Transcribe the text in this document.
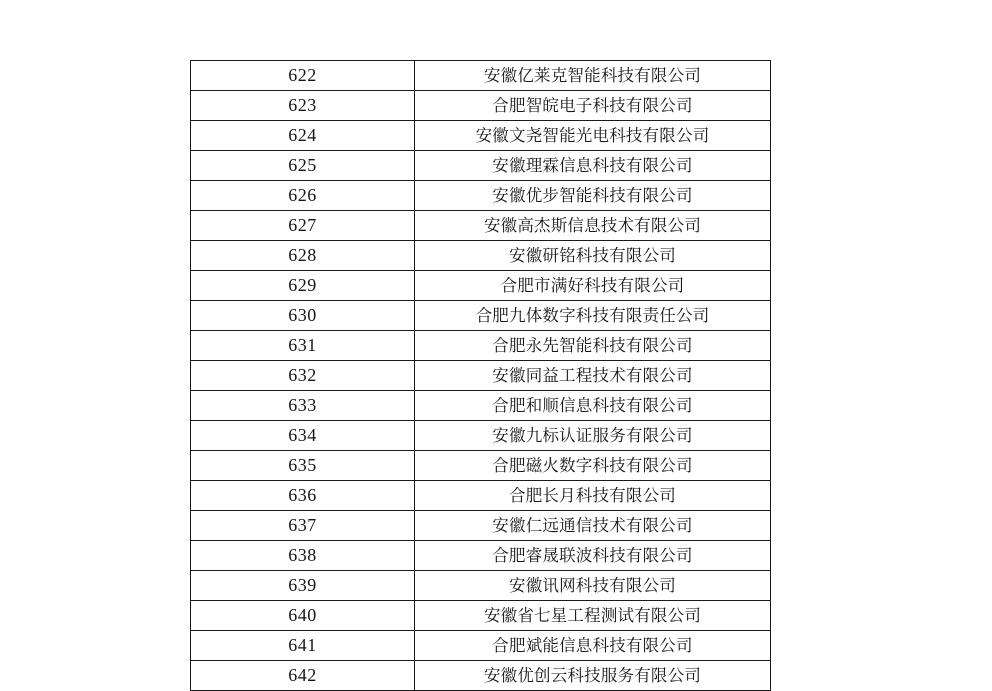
622	安徽亿莱克智能科技有限公司
623	合肥智皖电子科技有限公司
624	安徽文尧智能光电科技有限公司
625	安徽理霖信息科技有限公司
626	安徽优步智能科技有限公司
627	安徽高杰斯信息技术有限公司
628	安徽研铭科技有限公司
629	合肥市满好科技有限公司
630	合肥九体数字科技有限责任公司
631	合肥永先智能科技有限公司
632	安徽同益工程技术有限公司
633	合肥和顺信息科技有限公司
634	安徽九标认证服务有限公司
635	合肥磁火数字科技有限公司
636	合肥长月科技有限公司
637	安徽仁远通信技术有限公司
638	合肥睿晟联波科技有限公司
639	安徽讯网科技有限公司
640	安徽省七星工程测试有限公司
641	合肥斌能信息科技有限公司
642	安徽优创云科技服务有限公司
